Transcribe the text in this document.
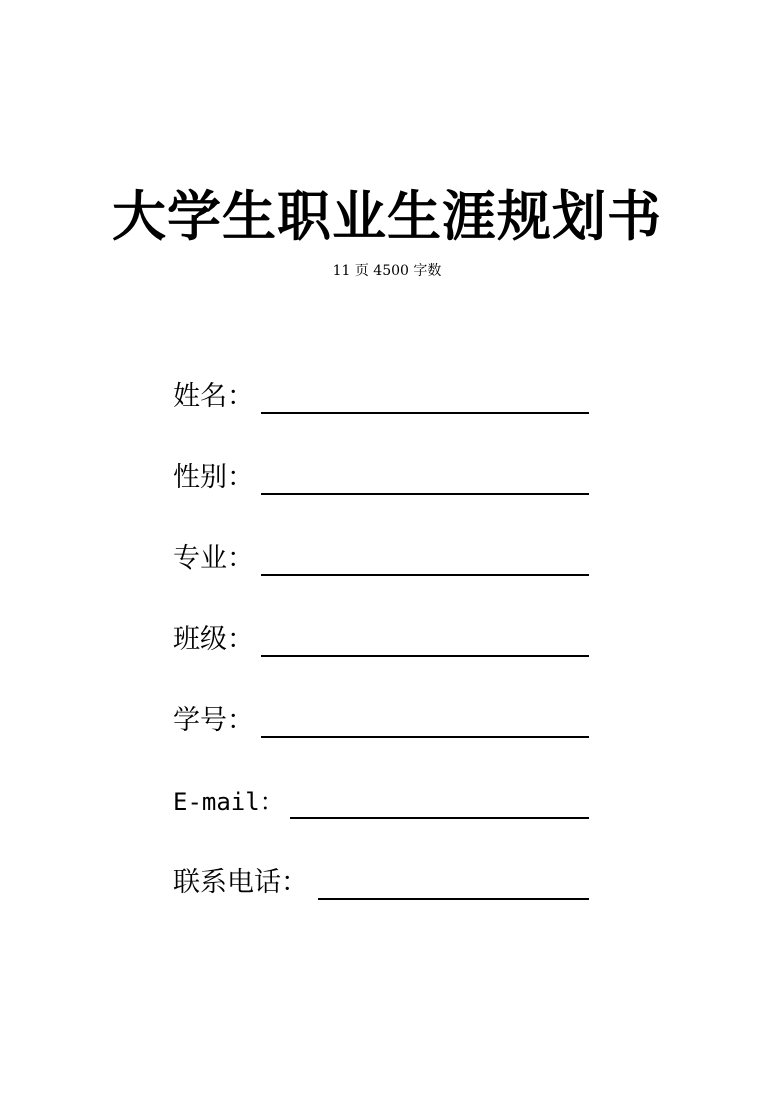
大学生职业生涯规划书
11 页 4500 字数
姓名：
性别：
专业：
班级：
学号：
E-mail：
联系电话：
